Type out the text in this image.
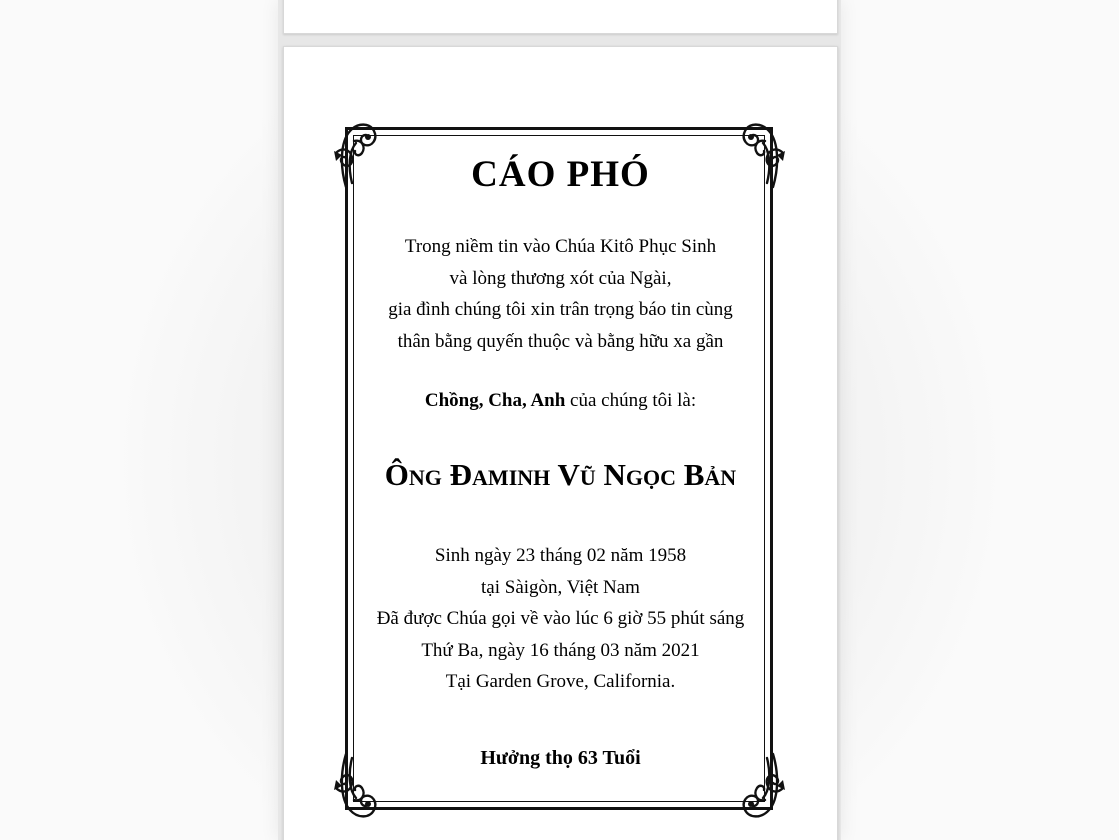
CÁO PHÓ
Trong niềm tin vào Chúa Kitô Phục Sinh
và lòng thương xót của Ngài,
gia đình chúng tôi xin trân trọng báo tin cùng
thân bằng quyến thuộc và bằng hữu xa gần
Chồng, Cha, Anh của chúng tôi là:
Ông Đaminh Vũ Ngọc Bản
Sinh ngày 23 tháng 02 năm 1958
tại Sàigòn, Việt Nam
Đã được Chúa gọi về vào lúc 6 giờ 55 phút sáng
Thứ Ba, ngày 16 tháng 03 năm 2021
Tại Garden Grove, California.
Hưởng thọ 63 Tuổi
